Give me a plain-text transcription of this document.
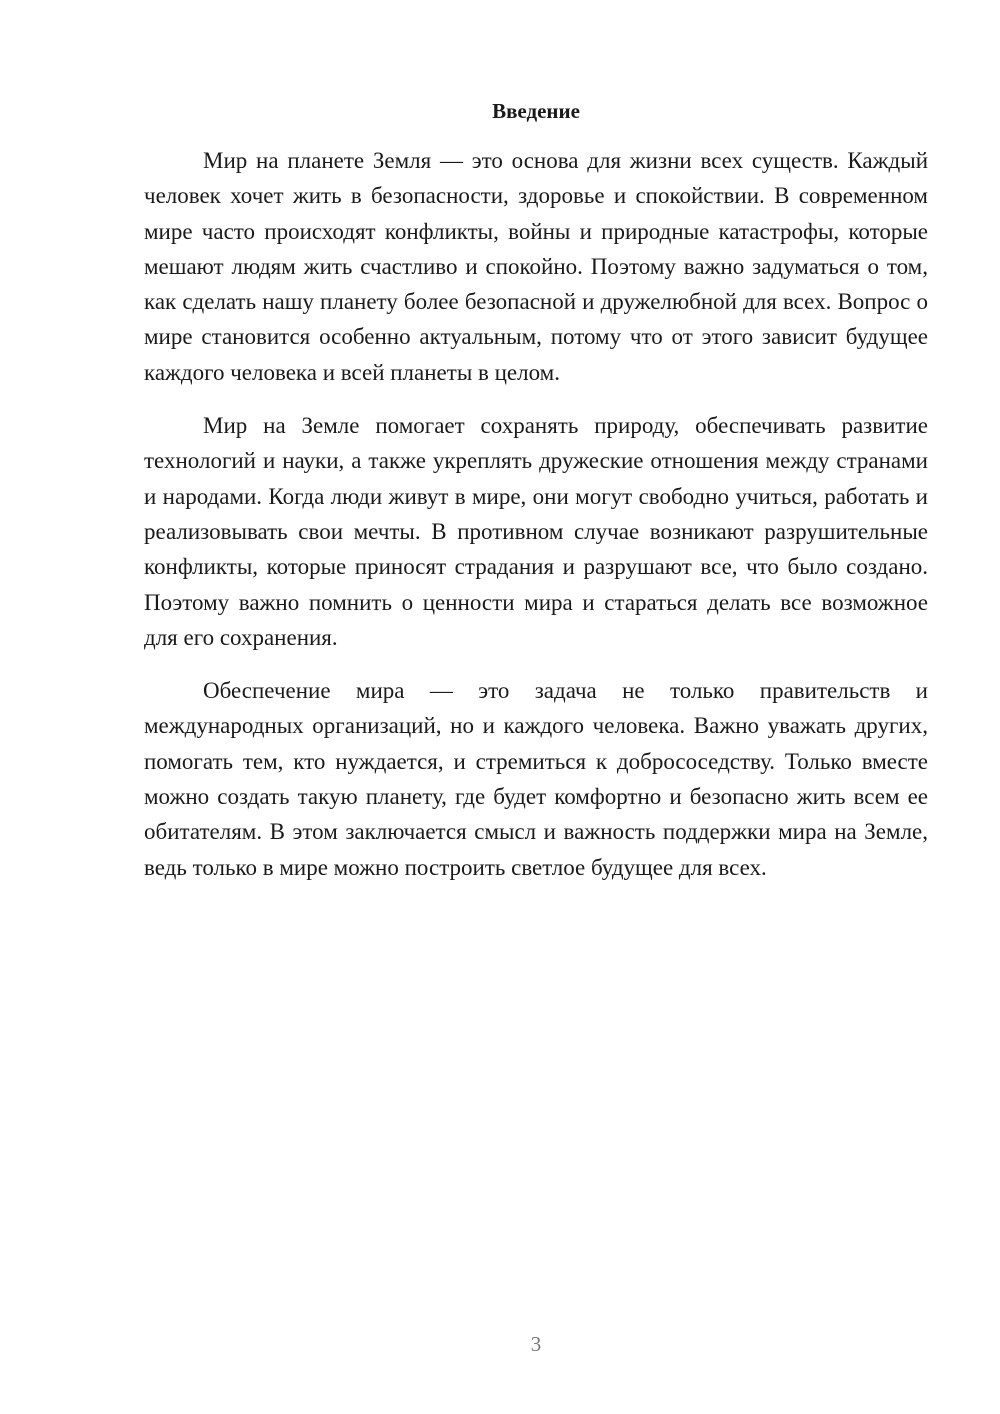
Введение

Мир на планете Земля — это основа для жизни всех существ. Каждый человек хочет жить в безопасности, здоровье и спокойствии. В современном мире часто происходят конфликты, войны и природные катастрофы, которые мешают людям жить счастливо и спокойно. Поэтому важно задуматься о том, как сделать нашу планету более безопасной и дружелюбной для всех. Вопрос о мире становится особенно актуальным, потому что от этого зависит будущее каждого человека и всей планеты в целом.

Мир на Земле помогает сохранять природу, обеспечивать развитие технологий и науки, а также укреплять дружеские отношения между странами и народами. Когда люди живут в мире, они могут свободно учиться, работать и реализовывать свои мечты. В противном случае возникают разрушительные конфликты, которые приносят страдания и разрушают все, что было создано. Поэтому важно помнить о ценности мира и стараться делать все возможное для его сохранения.

Обеспечение мира — это задача не только правительств и международных организаций, но и каждого человека. Важно уважать других, помогать тем, кто нуждается, и стремиться к добрососедству. Только вместе можно создать такую планету, где будет комфортно и безопасно жить всем ее обитателям. В этом заключается смысл и важность поддержки мира на Земле, ведь только в мире можно построить светлое будущее для всех.

3
